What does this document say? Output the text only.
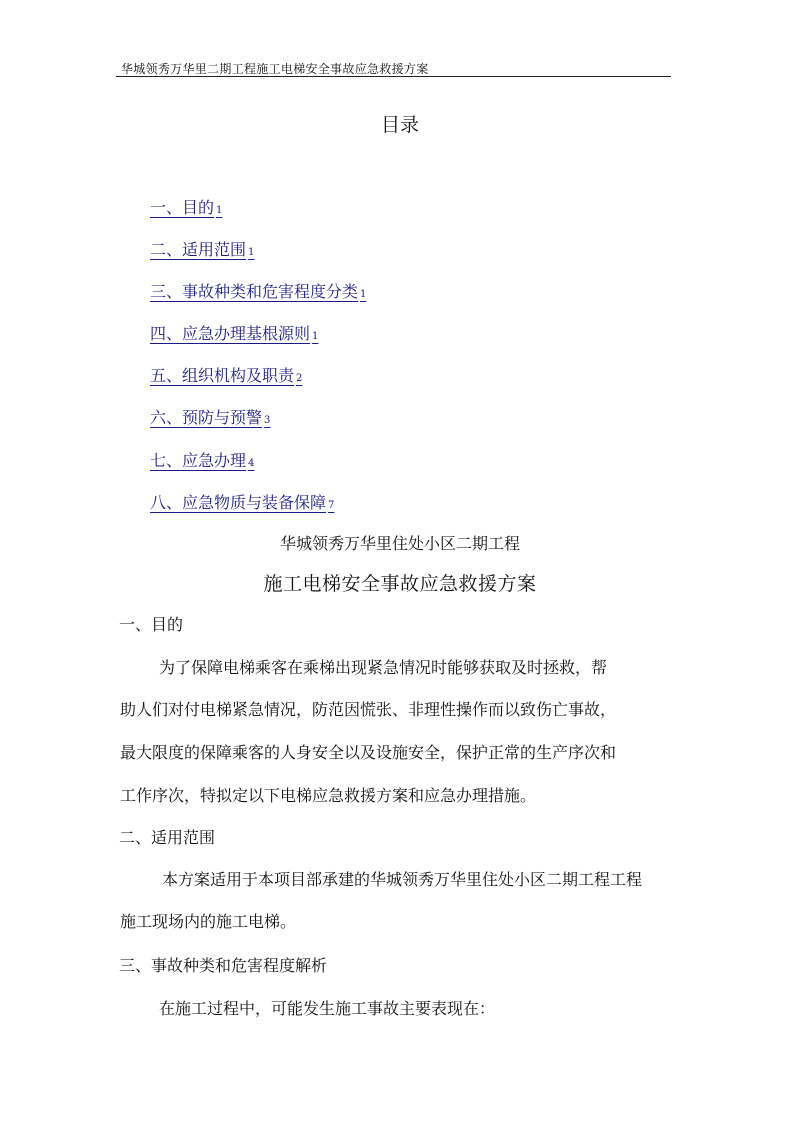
华城领秀万华里二期工程施工电梯安全事故应急救援方案
目录
一、目的 1
二、适用范围 1
三、事故种类和危害程度分类 1
四、应急办理基根源则 1
五、组织机构及职责 2
六、预防与预警 3
七、应急办理 4
八、应急物质与装备保障 7
华城领秀万华里住处小区二期工程
施工电梯安全事故应急救援方案
一、目的
为了保障电梯乘客在乘梯出现紧急情况时能够获取及时拯救，帮
助人们对付电梯紧急情况，防范因慌张、非理性操作而以致伤亡事故，
最大限度的保障乘客的人身安全以及设施安全，保护正常的生产序次和
工作序次，特拟定以下电梯应急救援方案和应急办理措施。
二、适用范围
本方案适用于本项目部承建的华城领秀万华里住处小区二期工程工程
施工现场内的施工电梯。
三、事故种类和危害程度解析
在施工过程中，可能发生施工事故主要表现在：
